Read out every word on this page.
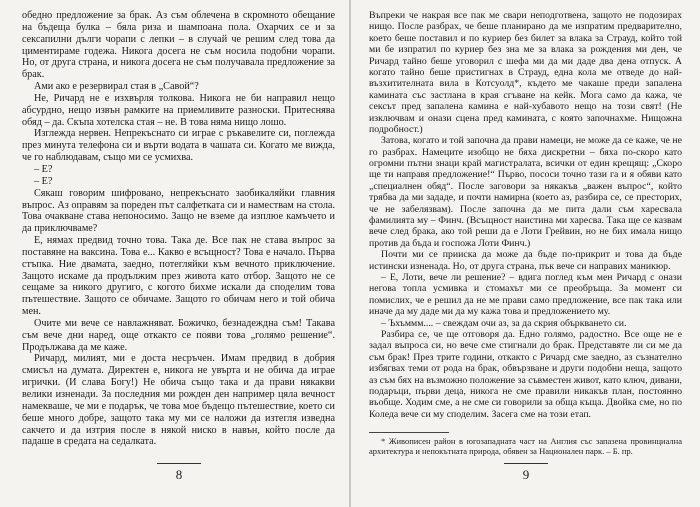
обедно предложение за брак. Аз съм облечена в скромното обещание на бъдеща булка – бяла риза и шампоана пола. Охарчих се и за сексапилни дълги чорапи с лепки – в случай че решим след това да циментираме годежа. Никога досега не съм носила подобни чорапи. Но, от друга страна, и никога досега не съм получавала предложение за брак.

Ами ако е резервирал стая в „Савой“?

Не, Ричард не е изхвърля толкова. Никога не би направил нещо абсурдно, нещо извън рамките на приемливите разноски. Притеснява обяд – да. Скъпа хотелска стая – не. В това няма нищо лошо.

Изглежда нервен. Непрекъснато си играе с ръкавелите си, поглежда през минута телефона си и върти водата в чашата си. Когато ме вижда, че го наблюдавам, също ми се усмихва.

– Е?

– Е?

Сякаш говорим шифровано, непрекъснато заобикаляйки главния въпрос. Аз оправям за пореден път салфетката си и намествам на стола. Това очакване става непоносимо. Защо не вземе да изплюе камъчето и да приключваме?

Е, нямах предвид точно това. Такa де. Все пак не става въпрос за поставяне на ваксина. Това е... Какво е всъщност? Това е начало. Първа стъпка. Ние двамата, заедно, потегляйки към вечното приключение. Защото искаме да продължим през живота като отбор. Защото не се сещаме за никого другиго, с когото бихме искали да споделим това пътешествие. Защото се обичаме. Защото го обичам него и той обича мен.

Очите ми вече се навлажняват. Божичко, безнадеждна съм! Такава съм вече дни наред, още откакто се появи това „голямо решение“. Продължава да ме каже.

Ричард, милият, ми е доста несръчен. Имам предвид в добрия смисъл на думата. Директен е, никога не увърта и не обича да играе игрички. (И слава Богу!) Не обича също така и да прави някакви велики изненади. За последния ми рожден ден например цяла вечност намекваше, че ми е подарък, че това мое бъдещо пътешествие, което си беше много добре, защото така му ми се наложи да изтегля изведна сакчето и да изтрия после в някой ниско в навън, който после да падаше в средата на седалката.

Въпреки че накрая все пак ме свари неподготвена, защото не подозирах нищо. После разбрах, че беше планирано да ме изпратим предварително, което беше поставил и по куриер без билет за влака за Страуд, който той ми бе изпратил по куриер без зна ме за влака за рождения ми ден, че Ричард тайно беше уговорил с шефа ми да ми даде два дена отпуск. А когато тайно беше пристигнах в Страуд, една кола ме отведе до най-възхитителната вила в Котсуолд*, където ме чакаше преди запалена камината със застлана в края сгъване на кейк. Мога само да кажа, че сексът пред запалена камина е най-хубавото нещо на този свят! (Не изключвам и онази сцена пред камината, с която започнахме. Нищожна подробност.)

Затова, когато и той започна да прави намеци, не може да се каже, че не го разбрах. Намеците изобщо не бяха дискретни – бяха по-скоро като огромни пътни знаци край магистралата, всички от един крещящ: „Скоро ще ти направя предложение!“ Първо, пососи точно тази гa и я обяви като „специалнен обяд“. После заговори за някакъв „важен въпрос“, който трябва да ми зададе, и почти намирна (което аз, разбира се, се престорих, че не забелязвам). После започна да ме пита дали съм харесвала фамилията му – Финч. (Всъщност наистина ми харесва. Така ще се казвам вече след брака, ако той реши да е Лоти Грейвин, но не бих имала нищо против да бъда и госпожа Лоти Финч.)

Почти ми се прииска да може да бъде по-прикрит и това да бъде истински изненада. Но, от друга страна, пък вече си направих маникюр.

– Е, Лоти, вече ли решение? – вдига поглед към мен Ричард с онази негова топла усмивка и стомахът ми се преобръща. За момент си помислих, че е решил да не ме прави само предложение, все пак така или иначе да му даде ми да му кажа това и предложението му.

– Ъхъммм.... – свеждам очи аз, за да скрия объркването си.

Разбира се, че ще отговоря да. Едно голямо, радостно. Всe още не е задал въпроса си, но вече сме стигнали до брак. Представяте ли си ме да съм брак! През трите години, откакто с Ричард сме заедно, аз съзнателно избягвах теми от рода на брак, обвързване и други подобни неща, защото аз съм бях на възможно положение за съвместен живот, като ключ, дивани, подаръци, първи деца, никога не сме правили никакъв план, постоянно въобще. Ходим сме, а не сме си говорили за обща къща. Двойка сме, но по Коледа вече си му споделим. Засега сме на този етап.

* Живописен район в югозападната част на Англия със запазена провинциална архитектура и непокътната природа, обявен за Национален парк. – Б. пр.

8	9
